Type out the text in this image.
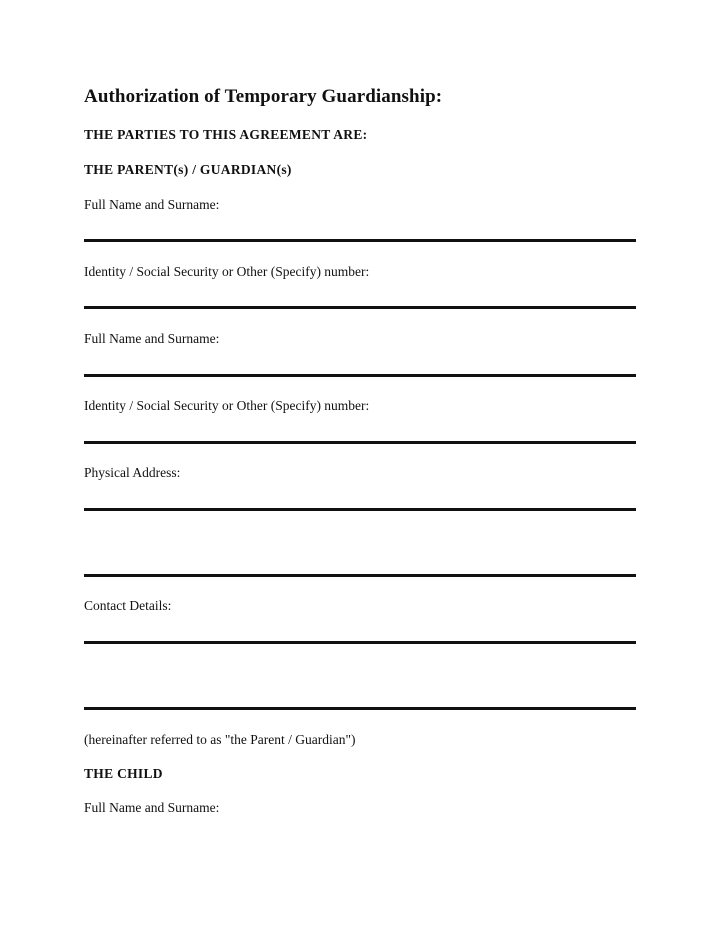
Authorization of Temporary Guardianship:
THE PARTIES TO THIS AGREEMENT ARE:
THE PARENT(s) / GUARDIAN(s)
Full Name and Surname:
Identity / Social Security or Other (Specify) number:
Full Name and Surname:
Identity / Social Security or Other (Specify) number:
Physical Address:
Contact Details:
(hereinafter referred to as "the Parent / Guardian")
THE CHILD
Full Name and Surname:
